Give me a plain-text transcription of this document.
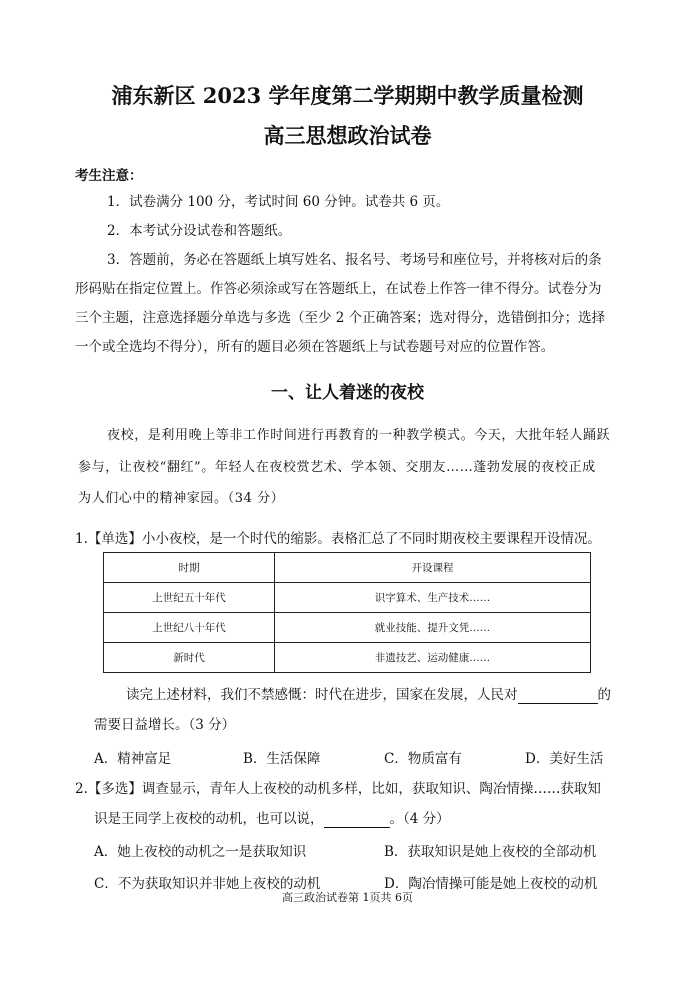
浦东新区 2023 学年度第二学期期中教学质量检测
高三思想政治试卷
考生注意：
1．试卷满分 100 分，考试时间 60 分钟。试卷共 6 页。
2．本考试分设试卷和答题纸。
3．答题前，务必在答题纸上填写姓名、报名号、考场号和座位号，并将核对后的条
形码贴在指定位置上。作答必须涂或写在答题纸上，在试卷上作答一律不得分。试卷分为
三个主题，注意选择题分单选与多选（至少 2 个正确答案；选对得分，选错倒扣分；选择
一个或全选均不得分），所有的题目必须在答题纸上与试卷题号对应的位置作答。
一、让人着迷的夜校
夜校，是利用晚上等非工作时间进行再教育的一种教学模式。今天，大批年轻人踊跃
参与，让夜校“翻红”。年轻人在夜校赏艺术、学本领、交朋友……蓬勃发展的夜校正成
为人们心中的精神家园。（34 分）
1.【单选】小小夜校，是一个时代的缩影。表格汇总了不同时期夜校主要课程开设情况。
时期	开设课程
上世纪五十年代	识字算术、生产技术……
上世纪八十年代	就业技能、提升文凭……
新时代	非遗技艺、运动健康……
读完上述材料，我们不禁感慨：时代在进步，国家在发展，人民对	的
需要日益增长。（3 分）
A．精神富足	B．生活保障	C．物质富有	D．美好生活
2.【多选】调查显示，青年人上夜校的动机多样，比如，获取知识、陶冶情操……获取知
识是王同学上夜校的动机，也可以说，	。（4 分）
A．她上夜校的动机之一是获取知识	B．获取知识是她上夜校的全部动机
C．不为获取知识并非她上夜校的动机	D．陶冶情操可能是她上夜校的动机
高三政治试卷第 1页共 6页
